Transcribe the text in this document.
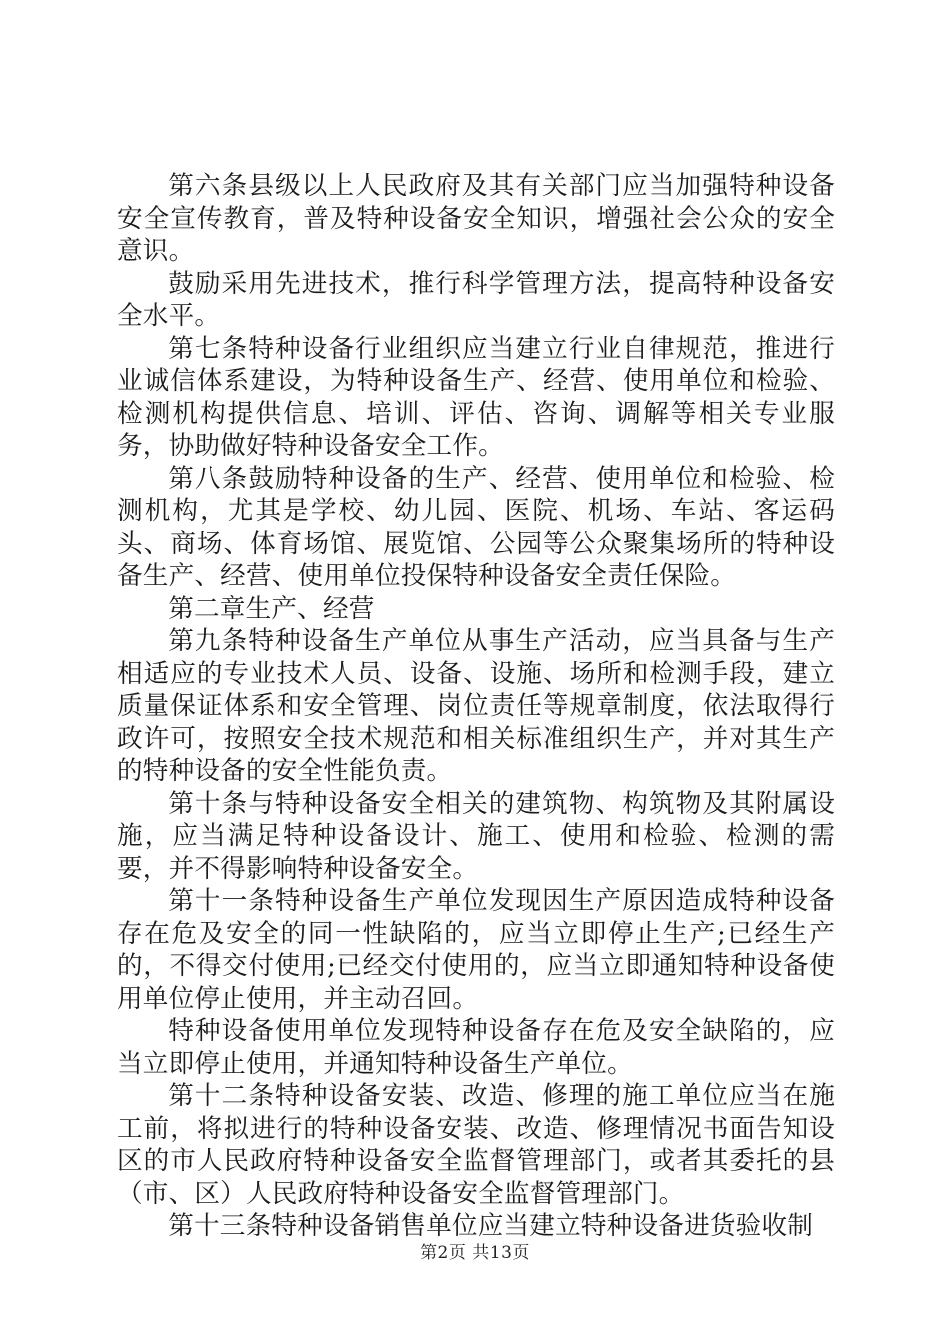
第六条县级以上人民政府及其有关部门应当加强特种设备安全宣传教育，普及特种设备安全知识，增强社会公众的安全意识。

鼓励采用先进技术，推行科学管理方法，提高特种设备安全水平。

第七条特种设备行业组织应当建立行业自律规范，推进行业诚信体系建设，为特种设备生产、经营、使用单位和检验、检测机构提供信息、培训、评估、咨询、调解等相关专业服务，协助做好特种设备安全工作。

第八条鼓励特种设备的生产、经营、使用单位和检验、检测机构，尤其是学校、幼儿园、医院、机场、车站、客运码头、商场、体育场馆、展览馆、公园等公众聚集场所的特种设备生产、经营、使用单位投保特种设备安全责任保险。

第二章生产、经营

第九条特种设备生产单位从事生产活动，应当具备与生产相适应的专业技术人员、设备、设施、场所和检测手段，建立质量保证体系和安全管理、岗位责任等规章制度，依法取得行政许可，按照安全技术规范和相关标准组织生产，并对其生产的特种设备的安全性能负责。

第十条与特种设备安全相关的建筑物、构筑物及其附属设施，应当满足特种设备设计、施工、使用和检验、检测的需要，并不得影响特种设备安全。

第十一条特种设备生产单位发现因生产原因造成特种设备存在危及安全的同一性缺陷的，应当立即停止生产;已经生产的，不得交付使用;已经交付使用的，应当立即通知特种设备使用单位停止使用，并主动召回。

特种设备使用单位发现特种设备存在危及安全缺陷的，应当立即停止使用，并通知特种设备生产单位。

第十二条特种设备安装、改造、修理的施工单位应当在施工前，将拟进行的特种设备安装、改造、修理情况书面告知设区的市人民政府特种设备安全监督管理部门，或者其委托的县（市、区）人民政府特种设备安全监督管理部门。

第十三条特种设备销售单位应当建立特种设备进货验收制

第2页 共13页
